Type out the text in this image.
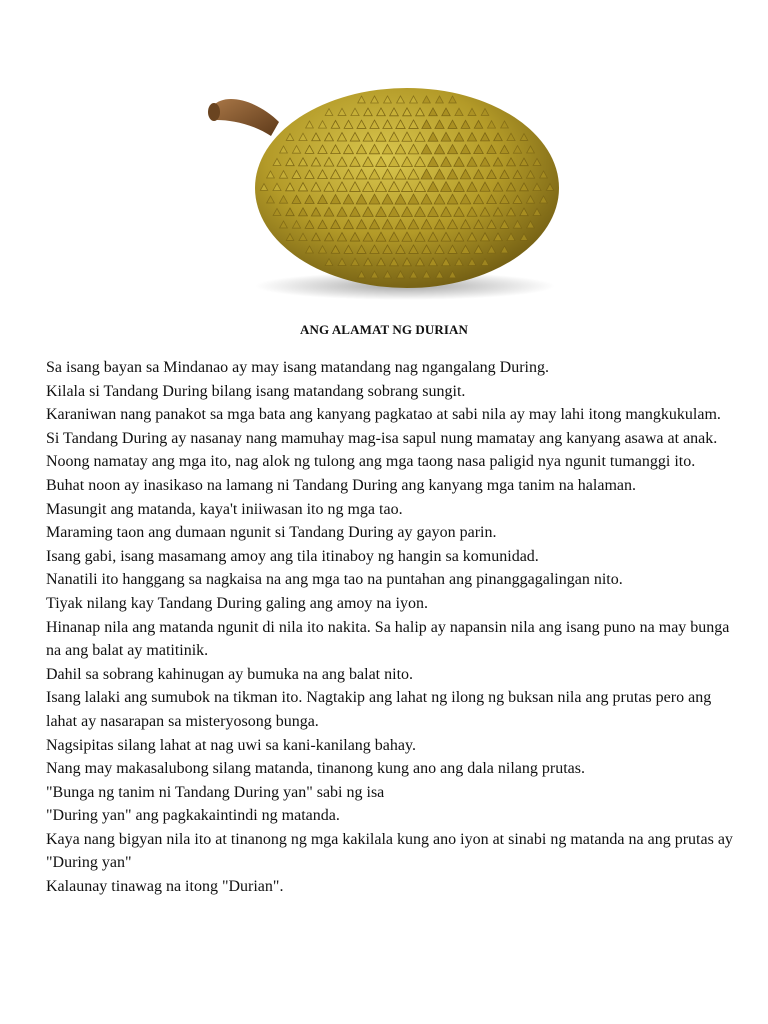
ANG ALAMAT NG DURIAN
Sa isang bayan sa Mindanao ay may isang matandang nag ngangalang During.
Kilala si Tandang During bilang isang matandang sobrang sungit.
Karaniwan nang panakot sa mga bata ang kanyang pagkatao at sabi nila ay may lahi itong mangkukulam.
Si Tandang During ay nasanay nang mamuhay mag-isa sapul nung mamatay ang kanyang asawa at anak.
Noong namatay ang mga ito, nag alok ng tulong ang mga taong nasa paligid nya ngunit tumanggi ito.
Buhat noon ay inasikaso na lamang ni Tandang During ang kanyang mga tanim na halaman.
Masungit ang matanda, kaya't iniiwasan ito ng mga tao.
Maraming taon ang dumaan ngunit si Tandang During ay gayon parin.
Isang gabi, isang masamang amoy ang tila itinaboy ng hangin sa komunidad.
Nanatili ito hanggang sa nagkaisa na ang mga tao na puntahan ang pinanggagalingan nito.
Tiyak nilang kay Tandang During galing ang amoy na iyon.
Hinanap nila ang matanda ngunit di nila ito nakita. Sa halip ay napansin nila ang isang puno na may bunga na ang balat ay matitinik.
Dahil sa sobrang kahinugan ay bumuka na ang balat nito.
Isang lalaki ang sumubok na tikman ito. Nagtakip ang lahat ng ilong ng buksan nila ang prutas pero ang lahat ay nasarapan sa misteryosong bunga.
Nagsipitas silang lahat at nag uwi sa kani-kanilang bahay.
Nang may makasalubong silang matanda, tinanong kung ano ang dala nilang prutas.
"Bunga ng tanim ni Tandang During yan" sabi ng isa
"During yan" ang pagkakaintindi ng matanda.
Kaya nang bigyan nila ito at tinanong ng mga kakilala kung ano iyon at sinabi ng matanda na ang prutas ay "During yan"
Kalaunay tinawag na itong "Durian".
